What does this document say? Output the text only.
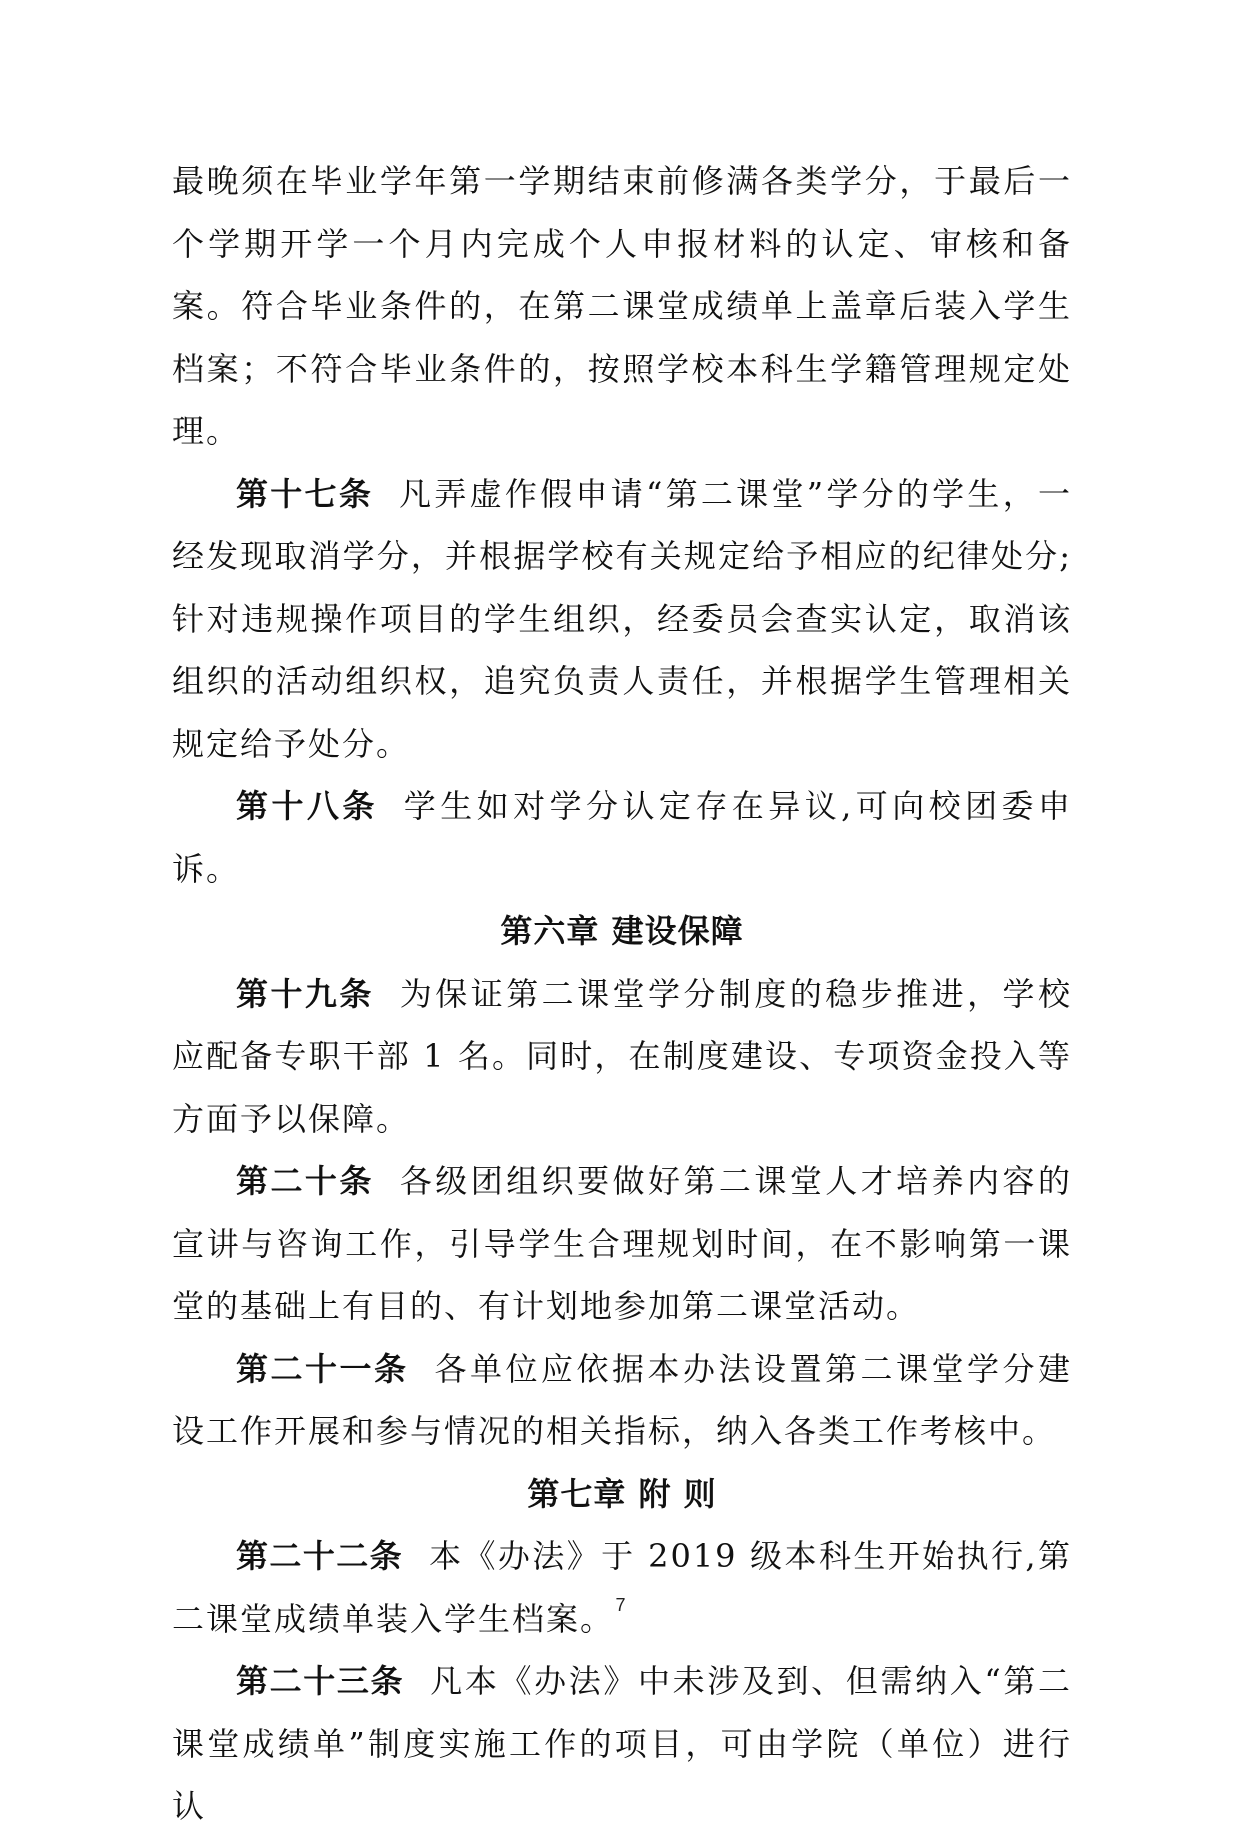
最晚须在毕业学年第一学期结束前修满各类学分，于最后一个学期开学一个月内完成个人申报材料的认定、审核和备案。符合毕业条件的，在第二课堂成绩单上盖章后装入学生档案；不符合毕业条件的，按照学校本科生学籍管理规定处理。

第十七条 凡弄虚作假申请“第二课堂”学分的学生，一经发现取消学分，并根据学校有关规定给予相应的纪律处分;针对违规操作项目的学生组织，经委员会查实认定，取消该组织的活动组织权，追究负责人责任，并根据学生管理相关规定给予处分。

第十八条 学生如对学分认定存在异议,可向校团委申诉。

第六章 建设保障

第十九条 为保证第二课堂学分制度的稳步推进，学校应配备专职干部 1 名。同时，在制度建设、专项资金投入等方面予以保障。

第二十条 各级团组织要做好第二课堂人才培养内容的宣讲与咨询工作，引导学生合理规划时间，在不影响第一课堂的基础上有目的、有计划地参加第二课堂活动。

第二十一条 各单位应依据本办法设置第二课堂学分建设工作开展和参与情况的相关指标，纳入各类工作考核中。

第七章 附 则

第二十二条 本《办法》于 2019 级本科生开始执行,第二课堂成绩单装入学生档案。

第二十三条 凡本《办法》中未涉及到、但需纳入“第二课堂成绩单”制度实施工作的项目，可由学院（单位）进行认

7
